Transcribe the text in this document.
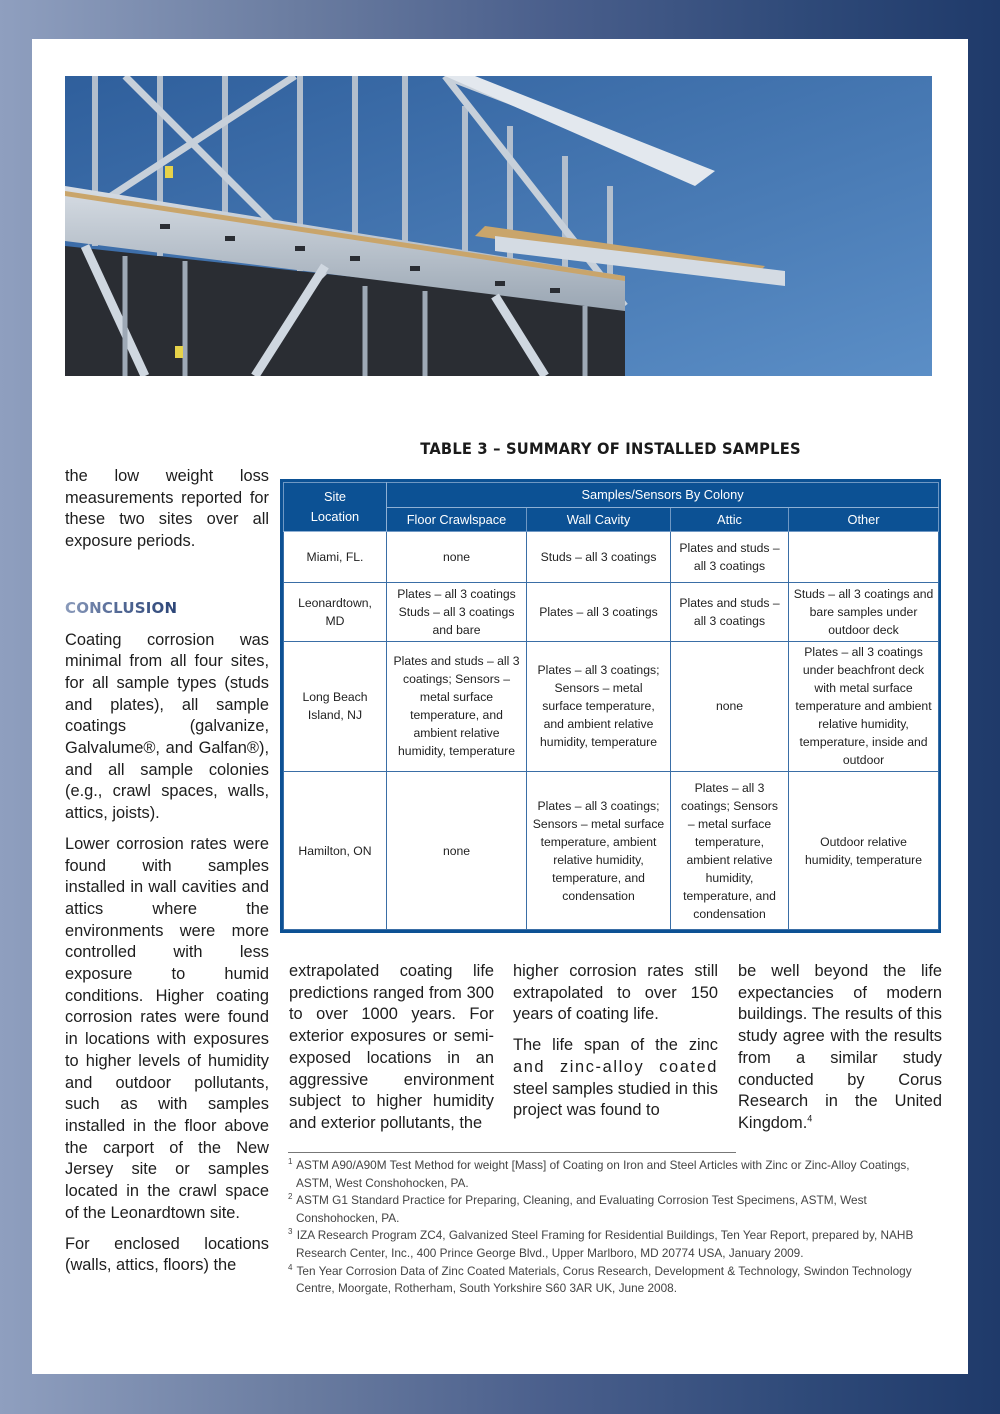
TABLE 3 – SUMMARY OF INSTALLED SAMPLES
Site
Location	Samples/Sensors By Colony			
	Floor Crawlspace	Wall Cavity	Attic	Other
Miami, FL.	none	Studs – all 3 coatings	Plates and studs – all 3 coatings	
Leonardtown, MD	Plates – all 3 coatings Studs – all 3 coatings and bare	Plates – all 3 coatings	Plates and studs – all 3 coatings	Studs – all 3 coatings and bare samples under outdoor deck
Long Beach Island, NJ	Plates and studs – all 3 coatings; Sensors – metal surface temperature, and ambient relative humidity, temperature	Plates – all 3 coatings; Sensors – metal surface temperature, and ambient relative humidity, temperature	none	Plates – all 3 coatings under beachfront deck with metal surface temperature and ambient relative humidity, temperature, inside and outdoor
Hamilton, ON	none	Plates – all 3 coatings; Sensors – metal surface temperature, ambient relative humidity, temperature, and condensation	Plates – all 3 coatings; Sensors – metal surface temperature, ambient relative humidity, temperature, and condensation	Outdoor relative humidity, temperature

the low weight loss measurements reported for these two sites over all exposure periods.

CONCLUSION

Coating corrosion was minimal from all four sites, for all sample types (studs and plates), all sample coatings (galvanize, Galvalume®, and Galfan®), and all sample colonies (e.g., crawl spaces, walls, attics, joists).

Lower corrosion rates were found with samples installed in wall cavities and attics where the environments were more controlled with less exposure to humid conditions. Higher coating corrosion rates were found in locations with exposures to higher levels of humidity and outdoor pollutants, such as with samples installed in the floor above the carport of the New Jersey site or samples located in the crawl space of the Leonardtown site.

For enclosed locations (walls, attics, floors) the

extrapolated coating life predictions ranged from 300 to over 1000 years. For exterior exposures or semi-exposed locations in an aggressive environment subject to higher humidity and exterior pollutants, the

higher corrosion rates still extrapolated to over 150 years of coating life.

The life span of the zinc and zinc-alloy coated steel samples studied in this project was found to

be well beyond the life expectancies of modern buildings. The results of this study agree with the results from a similar study conducted by Corus Research in the United Kingdom.$^4$

$^1$ ASTM A90/A90M Test Method for weight [Mass] of Coating on Iron and Steel Articles with Zinc or Zinc-Alloy Coatings, ASTM, West Conshohocken, PA.
$^2$ ASTM G1 Standard Practice for Preparing, Cleaning, and Evaluating Corrosion Test Specimens, ASTM, West Conshohocken, PA.
$^3$ IZA Research Program ZC4, Galvanized Steel Framing for Residential Buildings, Ten Year Report, prepared by, NAHB Research Center, Inc., 400 Prince George Blvd., Upper Marlboro, MD 20774 USA, January 2009.
$^4$ Ten Year Corrosion Data of Zinc Coated Materials, Corus Research, Development & Technology, Swindon Technology Centre, Moorgate, Rotherham, South Yorkshire S60 3AR UK, June 2008.
